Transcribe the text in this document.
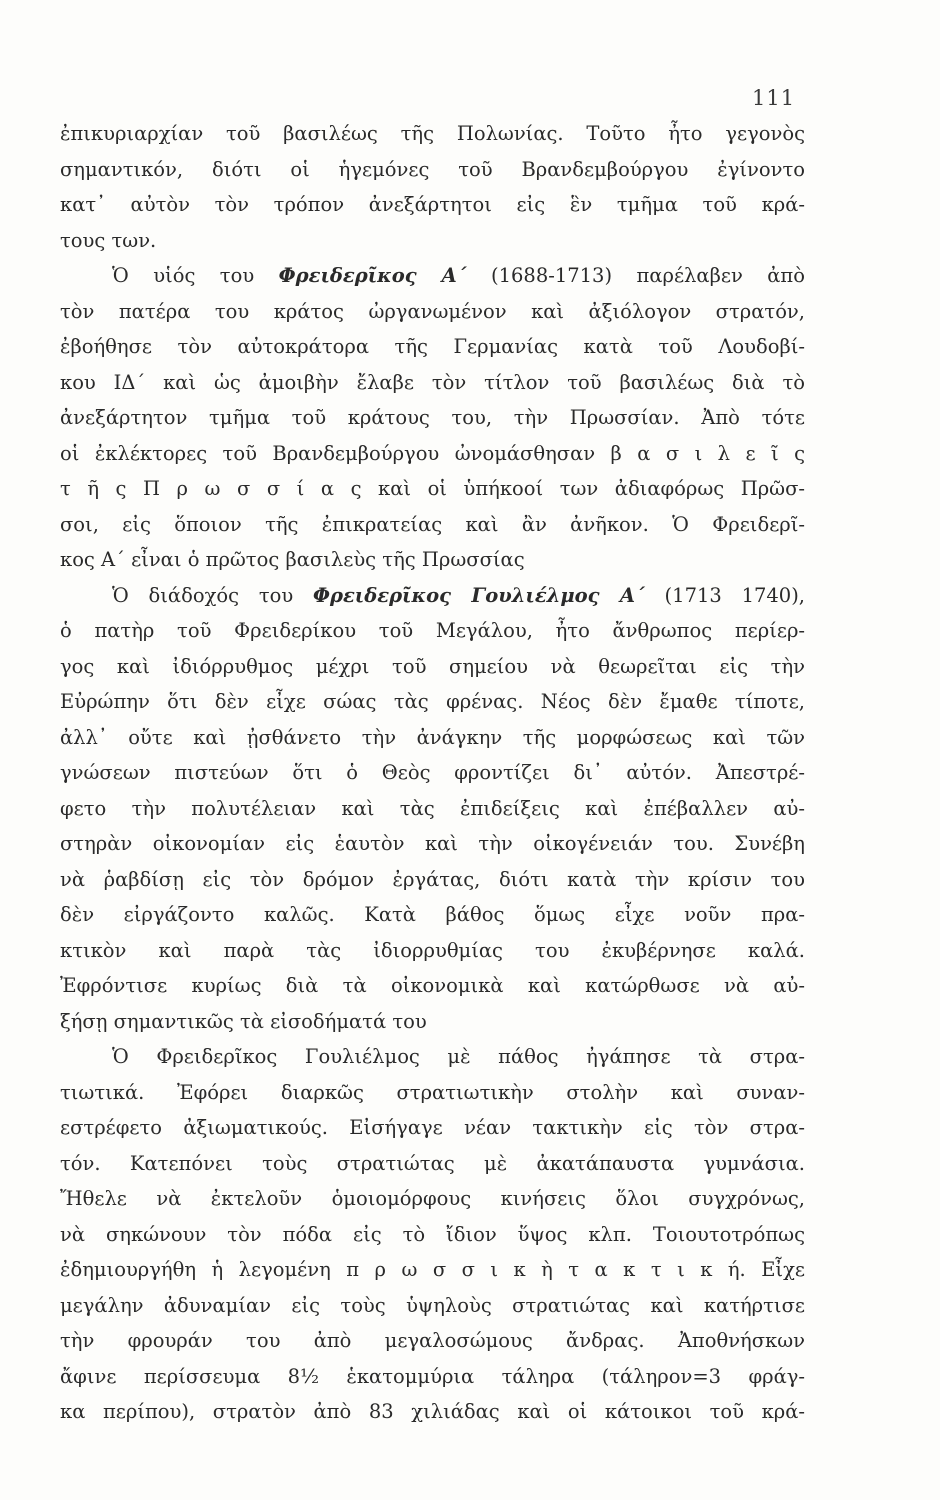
111
ἐπικυριαρχίαν τοῦ βασιλέως τῆς Πολωνίας. Τοῦτο ἦτο γεγονὸς
σημαντικόν, διότι οἱ ἡγεμόνες τοῦ Βρανδεμβούργου ἐγίνοντο
κατ᾽ αὐτὸν τὸν τρόπον ἀνεξάρτητοι εἰς ἓν τμῆμα τοῦ κρά-
τους των.
Ὁ υἱός του Φρειδερῖκος Α΄ (1688-1713) παρέλαβεν ἀπὸ
τὸν πατέρα του κράτος ὠργανωμένον καὶ ἀξιόλογον στρατόν,
ἐβοήθησε τὸν αὐτοκράτορα τῆς Γερμανίας κατὰ τοῦ Λουδοβί-
κου ΙΔ΄ καὶ ὡς ἀμοιβὴν ἔλαβε τὸν τίτλον τοῦ βασιλέως διὰ τὸ
ἀνεξάρτητον τμῆμα τοῦ κράτους του, τὴν Πρωσσίαν. Ἀπὸ τότε
οἱ ἐκλέκτορες τοῦ Βρανδεμβούργου ὠνομάσθησαν β α σ ι λ ε ῖ ς
τ ῆ ς Π ρ ω σ σ ί α ς καὶ οἱ ὑπήκοοί των ἀδιαφόρως Πρῶσ-
σοι, εἰς ὅποιον τῆς ἐπικρατείας καὶ ἂν ἀνῆκον. Ὁ Φρειδερῖ-
κος Α΄ εἶναι ὁ πρῶτος βασιλεὺς τῆς Πρωσσίας
Ὁ διάδοχός του Φρειδερῖκος Γουλιέλμος Α΄ (1713 1740),
ὁ πατὴρ τοῦ Φρειδερίκου τοῦ Μεγάλου, ἦτο ἄνθρωπος περίερ-
γος καὶ ἰδιόρρυθμος μέχρι τοῦ σημείου νὰ θεωρεῖται εἰς τὴν
Εὐρώπην ὅτι δὲν εἶχε σώας τὰς φρένας. Νέος δὲν ἔμαθε τίποτε,
ἀλλ᾽ οὔτε καὶ ᾐσθάνετο τὴν ἀνάγκην τῆς μορφώσεως καὶ τῶν
γνώσεων πιστεύων ὅτι ὁ Θεὸς φροντίζει δι᾽ αὐτόν. Ἀπεστρέ-
φετο τὴν πολυτέλειαν καὶ τὰς ἐπιδείξεις καὶ ἐπέβαλλεν αὐ-
στηρὰν οἰκονομίαν εἰς ἑαυτὸν καὶ τὴν οἰκογένειάν του. Συνέβη
νὰ ῥαβδίσῃ εἰς τὸν δρόμον ἐργάτας, διότι κατὰ τὴν κρίσιν του
δὲν εἰργάζοντο καλῶς. Κατὰ βάθος ὅμως εἶχε νοῦν πρα-
κτικὸν καὶ παρὰ τὰς ἰδιορρυθμίας του ἐκυβέρνησε καλά.
Ἐφρόντισε κυρίως διὰ τὰ οἰκονομικὰ καὶ κατώρθωσε νὰ αὐ-
ξήσῃ σημαντικῶς τὰ εἰσοδήματά του
Ὁ Φρειδερῖκος Γουλιέλμος μὲ πάθος ἠγάπησε τὰ στρα-
τιωτικά. Ἐφόρει διαρκῶς στρατιωτικὴν στολὴν καὶ συναν-
εστρέφετο ἀξιωματικούς. Εἰσήγαγε νέαν τακτικὴν εἰς τὸν στρα-
τόν. Κατεπόνει τοὺς στρατιώτας μὲ ἀκατάπαυστα γυμνάσια.
Ἤθελε νὰ ἐκτελοῦν ὁμοιομόρφους κινήσεις ὅλοι συγχρόνως,
νὰ σηκώνουν τὸν πόδα εἰς τὸ ἴδιον ὕψος κλπ. Τοιουτοτρόπως
ἐδημιουργήθη ἡ λεγομένη π ρ ω σ σ ι κ ὴ τ α κ τ ι κ ή. Εἶχε
μεγάλην ἀδυναμίαν εἰς τοὺς ὑψηλοὺς στρατιώτας καὶ κατήρτισε
τὴν φρουράν του ἀπὸ μεγαλοσώμους ἄνδρας. Ἀποθνήσκων
ἄφινε περίσσευμα 8½ ἑκατομμύρια τάληρα (τάληρον=3 φράγ-
κα περίπου), στρατὸν ἀπὸ 83 χιλιάδας καὶ οἱ κάτοικοι τοῦ κρά-
